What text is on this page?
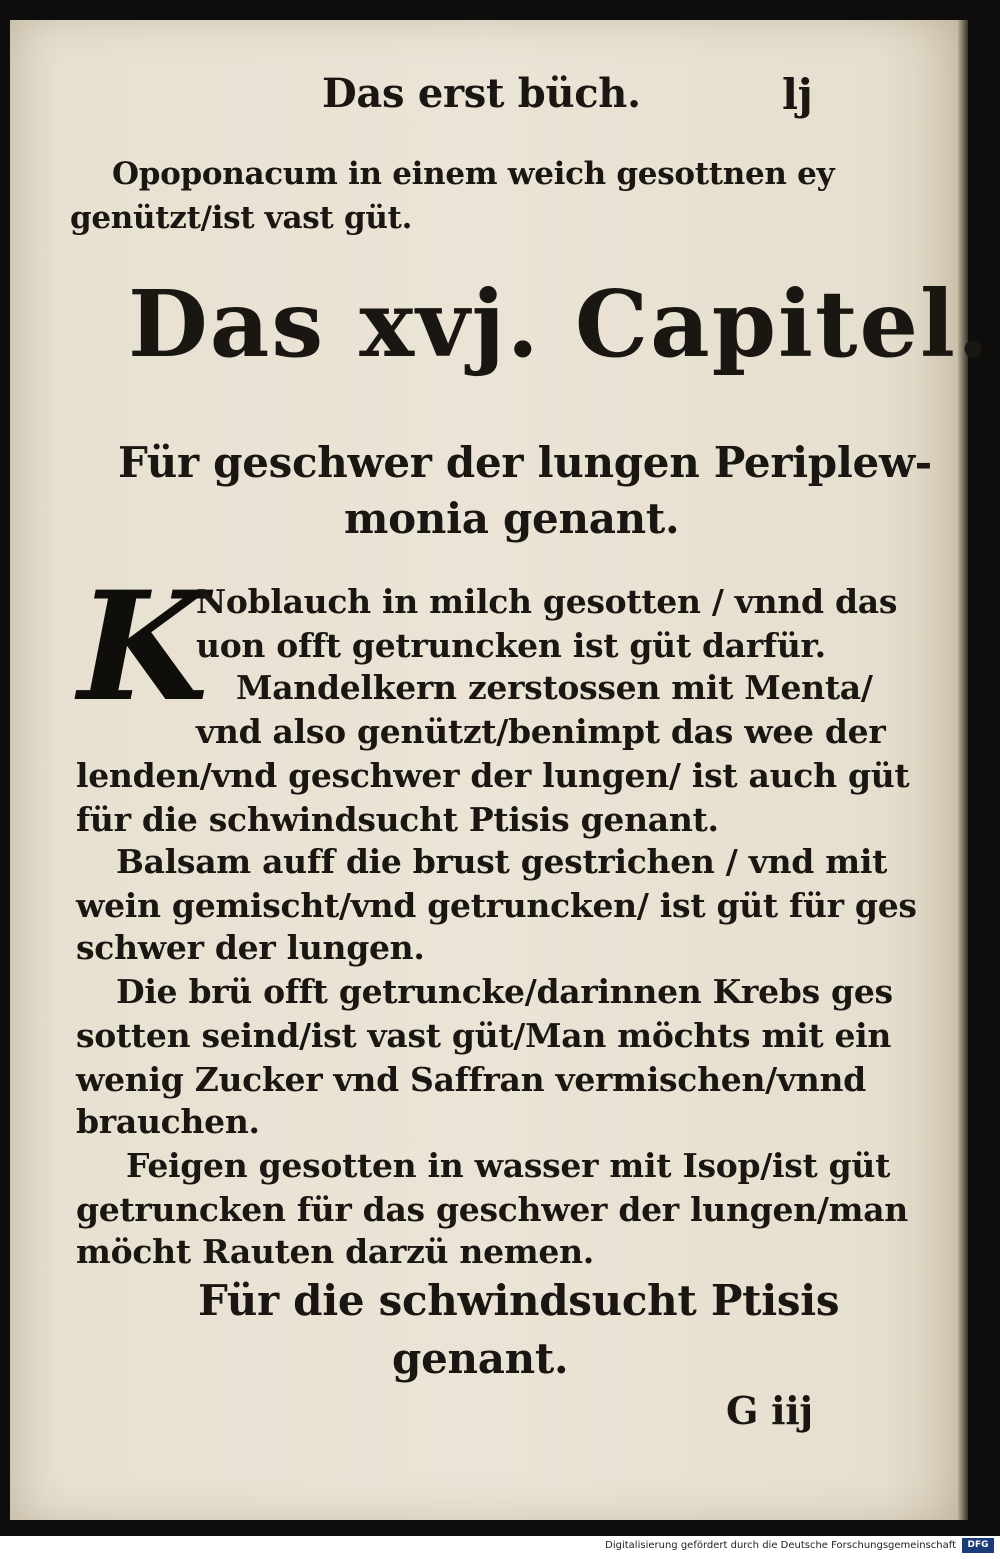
Das erst büch.	lj
Opoponacum in einem weich gesottnen ey
genützt/ist vast güt.
Das xvj. Capitel.
Für geschwer der lungen Periplew-
monia genant.
K
Noblauch in milch gesotten / vnnd das
uon offt getruncken ist güt darfür.
Mandelkern zerstossen mit Menta/
vnd also genützt/benimpt das wee der
lenden/vnd geschwer der lungen/ ist auch güt
für die schwindsucht Ptisis genant.
Balsam auff die brust gestrichen / vnd mit
wein gemischt/vnd getruncken/ ist güt für ges
schwer der lungen.
Die brü offt getruncke/darinnen Krebs ges
sotten seind/ist vast güt/Man möchts mit ein
wenig Zucker vnd Saffran vermischen/vnnd
brauchen.
Feigen gesotten in wasser mit Isop/ist güt
getruncken für das geschwer der lungen/man
möcht Rauten darzü nemen.
Für die schwindsucht Ptisis
genant.
G iij
Digitalisierung gefördert durch die Deutsche Forschungsgemeinschaft	DFG
